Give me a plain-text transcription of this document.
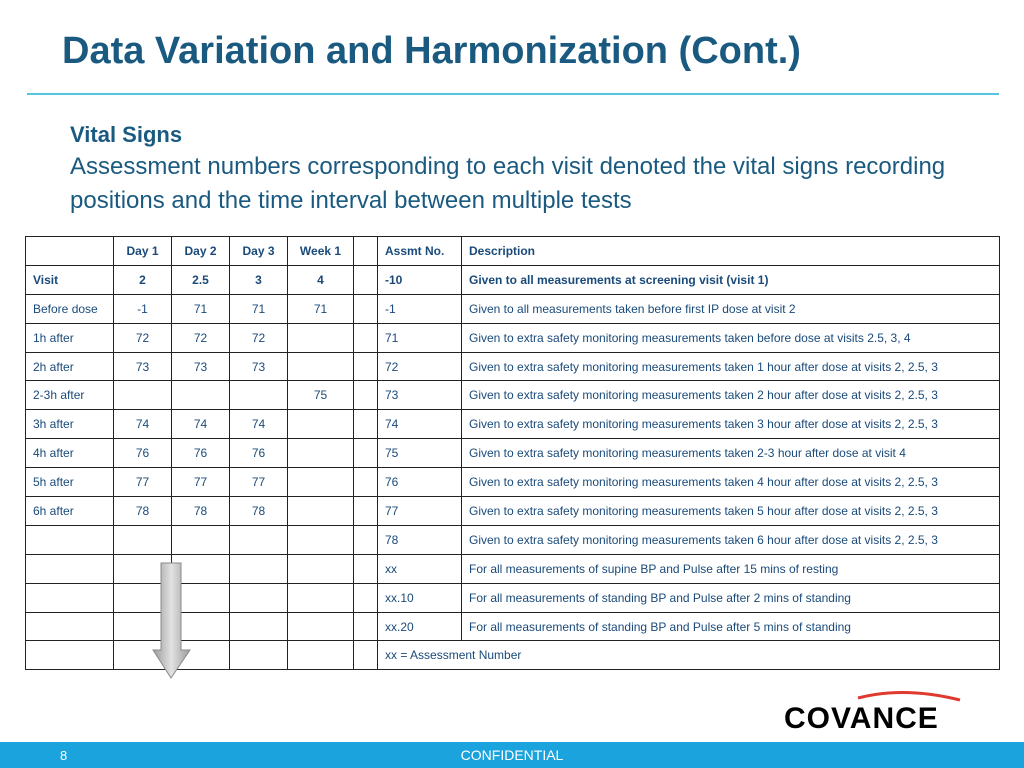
Data Variation and Harmonization (Cont.)

Vital Signs

Assessment numbers corresponding to each visit denoted the vital signs recording positions and the time interval between multiple tests

	Day 1	Day 2	Day 3	Week 1		Assmt No.	Description
Visit	2	2.5	3	4		-10	Given to all measurements at screening visit (visit 1)
Before dose	-1	71	71	71		-1	Given to all measurements taken before first IP dose at visit 2
1h after	72	72	72			71	Given to extra safety monitoring measurements taken before dose at visits 2.5, 3, 4
2h after	73	73	73			72	Given to extra safety monitoring measurements taken 1 hour after dose at visits 2, 2.5, 3
2-3h after				75		73	Given to extra safety monitoring measurements taken 2 hour after dose at visits 2, 2.5, 3
3h after	74	74	74			74	Given to extra safety monitoring measurements taken 3 hour after dose at visits 2, 2.5, 3
4h after	76	76	76			75	Given to extra safety monitoring measurements taken 2-3 hour after dose at visit 4
5h after	77	77	77			76	Given to extra safety monitoring measurements taken 4 hour after dose at visits 2, 2.5, 3
6h after	78	78	78			77	Given to extra safety monitoring measurements taken 5 hour after dose at visits 2, 2.5, 3
						78	Given to extra safety monitoring measurements taken 6 hour after dose at visits 2, 2.5, 3
						xx	For all measurements of supine BP and Pulse after 15 mins of resting
						xx.10	For all measurements of standing BP and Pulse after 2 mins of standing
						xx.20	For all measurements of standing BP and Pulse after 5 mins of standing
						xx = Assessment Number	
COVANCE
8	CONFIDENTIAL
